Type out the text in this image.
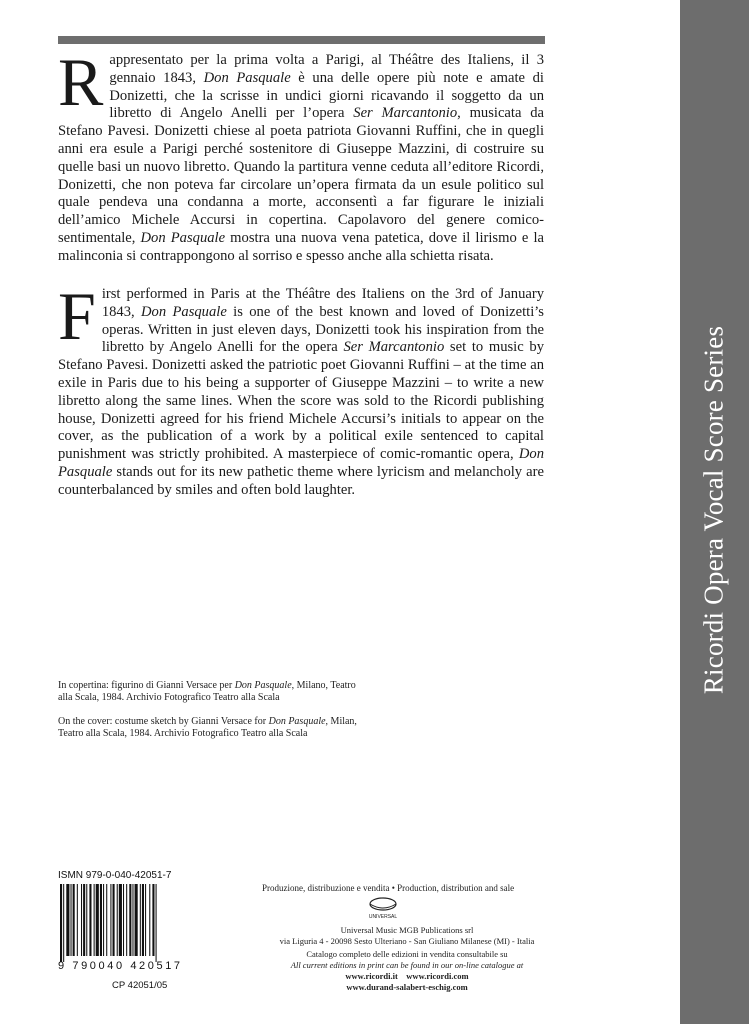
Ricordi Opera Vocal Score Series

Rappresentato per la prima volta a Parigi, al Théâtre des Italiens, il 3 gennaio 1843, Don Pasquale è una delle opere più note e amate di Donizetti, che la scrisse in undici giorni ricavando il soggetto da un libretto di Angelo Anelli per l’opera Ser Marcantonio, musicata da Stefano Pavesi. Donizetti chiese al poeta patriota Giovanni Ruffini, che in quegli anni era esule a Parigi perché sostenitore di Giuseppe Mazzini, di costruire su quelle basi un nuovo libretto. Quando la partitura venne ceduta all’editore Ricordi, Donizetti, che non poteva far circolare un’opera firmata da un esule politico sul quale pendeva una condanna a morte, acconsentì a far figurare le iniziali dell’amico Michele Accursi in copertina. Capolavoro del genere comico-sentimentale, Don Pasquale mostra una nuova vena patetica, dove il lirismo e la malinconia si contrappongono al sorriso e spesso anche alla schietta risata.

First performed in Paris at the Théâtre des Italiens on the 3rd of January 1843, Don Pasquale is one of the best known and loved of Donizetti’s operas. Written in just eleven days, Donizetti took his inspiration from the libretto by Angelo Anelli for the opera Ser Marcantonio set to music by Stefano Pavesi. Donizetti asked the patriotic poet Giovanni Ruffini – at the time an exile in Paris due to his being a supporter of Giuseppe Mazzini – to write a new libretto along the same lines. When the score was sold to the Ricordi publishing house, Donizetti agreed for his friend Michele Accursi’s initials to appear on the cover, as the publication of a work by a political exile sentenced to capital punishment was strictly prohibited. A masterpiece of comic-romantic opera, Don Pasquale stands out for its new pathetic theme where lyricism and melancholy are counterbalanced by smiles and often bold laughter.

In copertina: figurino di Gianni Versace per Don Pasquale, Milano, Teatro alla Scala, 1984. Archivio Fotografico Teatro alla Scala

On the cover: costume sketch by Gianni Versace for Don Pasquale, Milan, Teatro alla Scala, 1984. Archivio Fotografico Teatro alla Scala

ISMN 979-0-040-42051-7
9 790040 420517
CP 42051/05
Produzione, distribuzione e vendita • Production, distribution and sale
UNIVERSAL
Universal Music MGB Publications srl
via Liguria 4 - 20098 Sesto Ulteriano - San Giuliano Milanese (MI) - Italia
Catalogo completo delle edizioni in vendita consultabile su
All current editions in print can be found in our on-line catalogue at
www.ricordi.it www.ricordi.com
www.durand-salabert-eschig.com
